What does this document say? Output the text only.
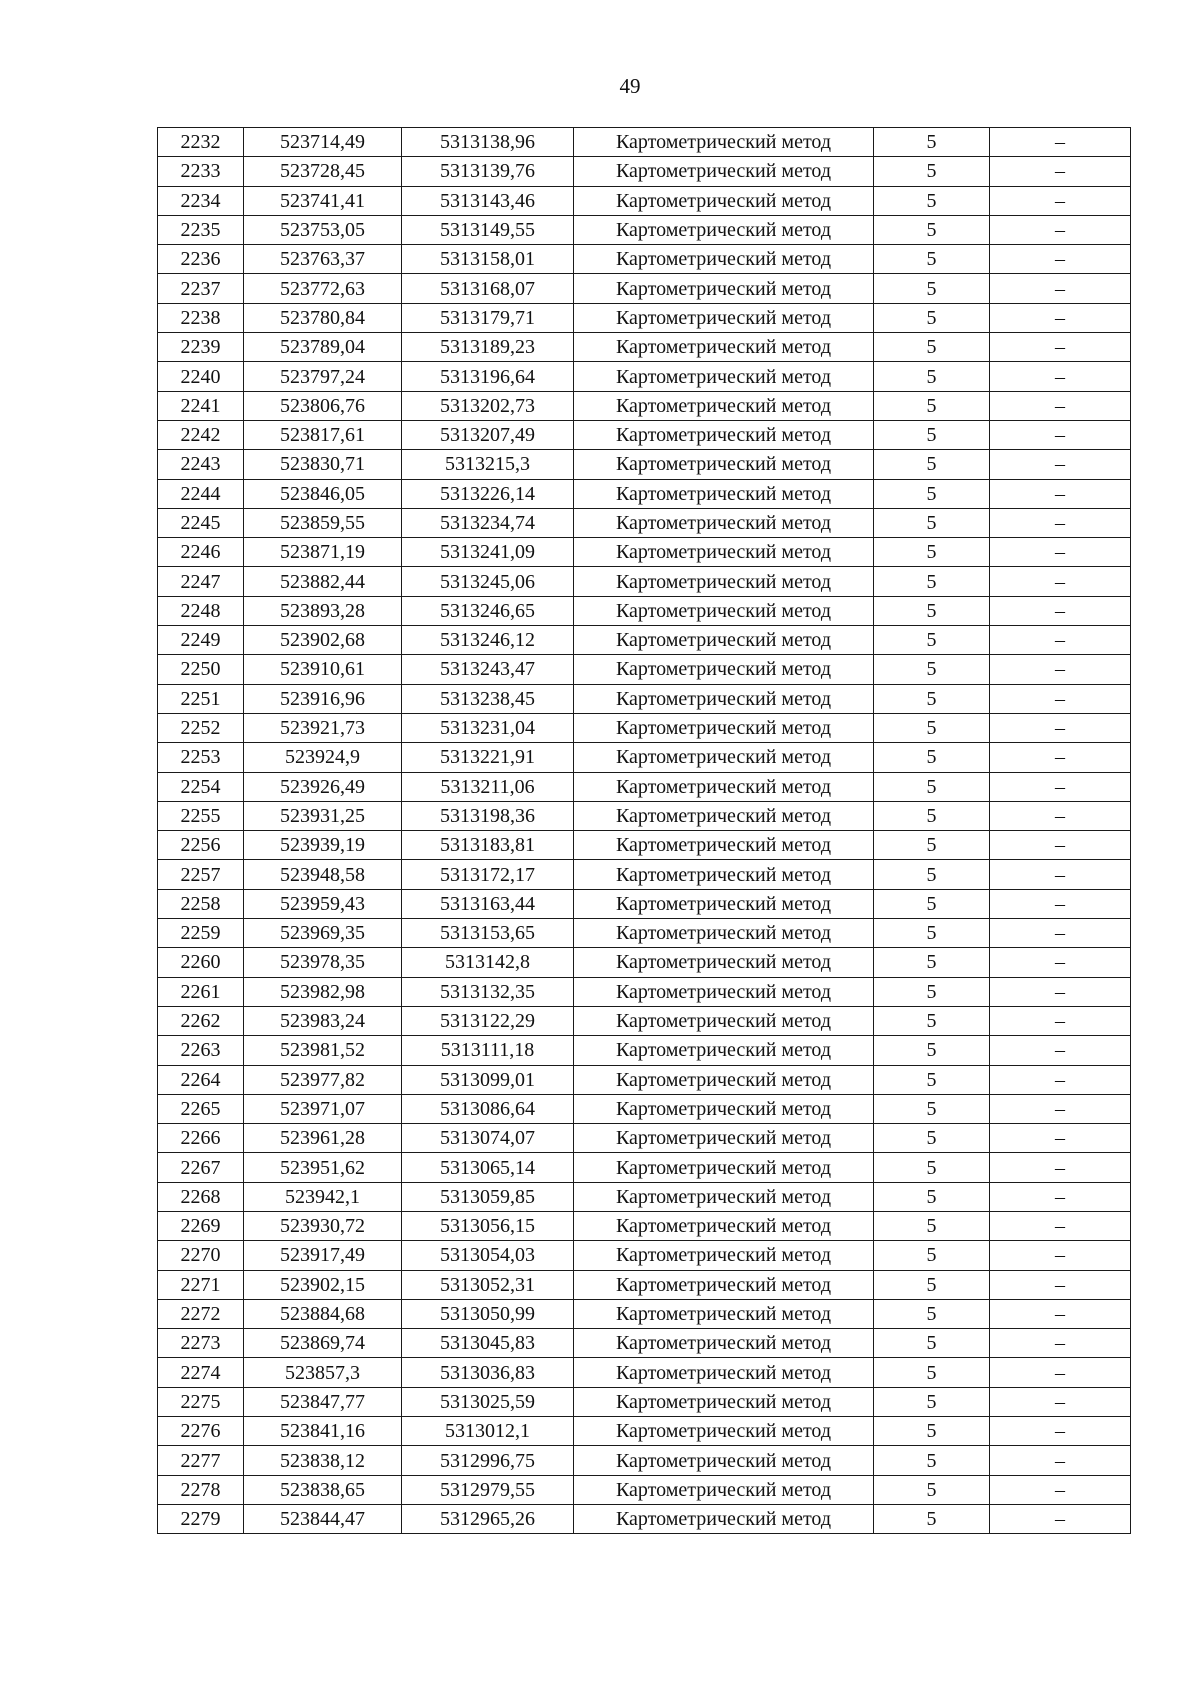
49
2232	523714,49	5313138,96	Картометрический метод	5	–
2233	523728,45	5313139,76	Картометрический метод	5	–
2234	523741,41	5313143,46	Картометрический метод	5	–
2235	523753,05	5313149,55	Картометрический метод	5	–
2236	523763,37	5313158,01	Картометрический метод	5	–
2237	523772,63	5313168,07	Картометрический метод	5	–
2238	523780,84	5313179,71	Картометрический метод	5	–
2239	523789,04	5313189,23	Картометрический метод	5	–
2240	523797,24	5313196,64	Картометрический метод	5	–
2241	523806,76	5313202,73	Картометрический метод	5	–
2242	523817,61	5313207,49	Картометрический метод	5	–
2243	523830,71	5313215,3	Картометрический метод	5	–
2244	523846,05	5313226,14	Картометрический метод	5	–
2245	523859,55	5313234,74	Картометрический метод	5	–
2246	523871,19	5313241,09	Картометрический метод	5	–
2247	523882,44	5313245,06	Картометрический метод	5	–
2248	523893,28	5313246,65	Картометрический метод	5	–
2249	523902,68	5313246,12	Картометрический метод	5	–
2250	523910,61	5313243,47	Картометрический метод	5	–
2251	523916,96	5313238,45	Картометрический метод	5	–
2252	523921,73	5313231,04	Картометрический метод	5	–
2253	523924,9	5313221,91	Картометрический метод	5	–
2254	523926,49	5313211,06	Картометрический метод	5	–
2255	523931,25	5313198,36	Картометрический метод	5	–
2256	523939,19	5313183,81	Картометрический метод	5	–
2257	523948,58	5313172,17	Картометрический метод	5	–
2258	523959,43	5313163,44	Картометрический метод	5	–
2259	523969,35	5313153,65	Картометрический метод	5	–
2260	523978,35	5313142,8	Картометрический метод	5	–
2261	523982,98	5313132,35	Картометрический метод	5	–
2262	523983,24	5313122,29	Картометрический метод	5	–
2263	523981,52	5313111,18	Картометрический метод	5	–
2264	523977,82	5313099,01	Картометрический метод	5	–
2265	523971,07	5313086,64	Картометрический метод	5	–
2266	523961,28	5313074,07	Картометрический метод	5	–
2267	523951,62	5313065,14	Картометрический метод	5	–
2268	523942,1	5313059,85	Картометрический метод	5	–
2269	523930,72	5313056,15	Картометрический метод	5	–
2270	523917,49	5313054,03	Картометрический метод	5	–
2271	523902,15	5313052,31	Картометрический метод	5	–
2272	523884,68	5313050,99	Картометрический метод	5	–
2273	523869,74	5313045,83	Картометрический метод	5	–
2274	523857,3	5313036,83	Картометрический метод	5	–
2275	523847,77	5313025,59	Картометрический метод	5	–
2276	523841,16	5313012,1	Картометрический метод	5	–
2277	523838,12	5312996,75	Картометрический метод	5	–
2278	523838,65	5312979,55	Картометрический метод	5	–
2279	523844,47	5312965,26	Картометрический метод	5	–
